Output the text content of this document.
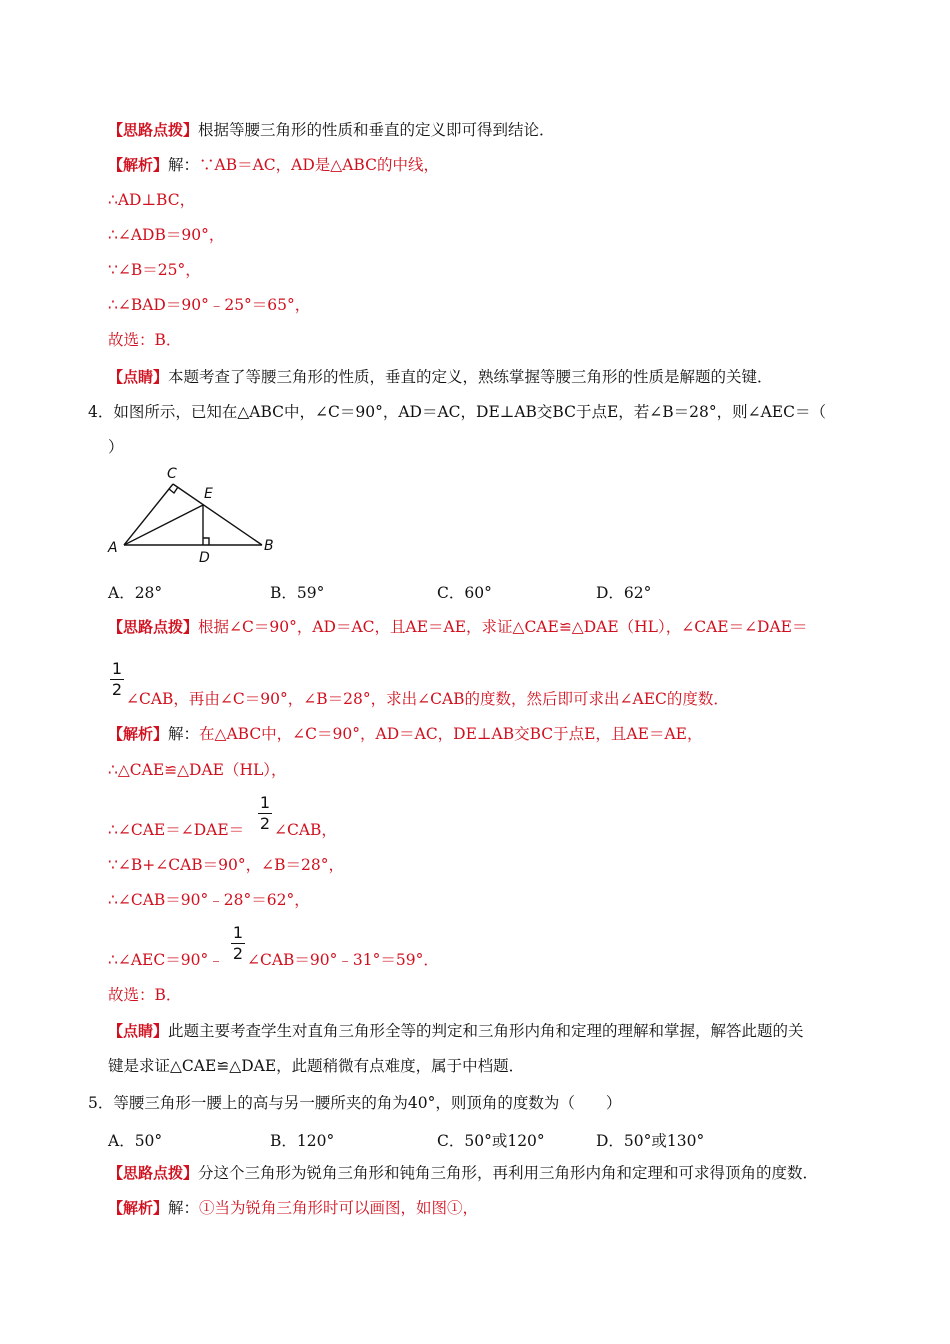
【思路点拨】根据等腰三角形的性质和垂直的定义即可得到结论．
【解析】解：∵AB＝AC，AD是△ABC的中线，
∴AD⊥BC，
∴∠ADB＝90°，
∵∠B＝25°，
∴∠BAD＝90°﹣25°＝65°，
故选：B．
【点睛】本题考查了等腰三角形的性质，垂直的定义，熟练掌握等腰三角形的性质是解题的关键．
4．如图所示，已知在△ABC中，∠C＝90°，AD＝AC，DE⊥AB交BC于点E，若∠B＝28°，则∠AEC＝（
）
C
E
A	B
D
A．28°	B．59°	C．60°	D．62°
【思路点拨】根据∠C＝90°，AD＝AC，且AE＝AE，求证△CAE≌△DAE（HL），∠CAE＝∠DAE＝
1
2 ∠CAB，再由∠C＝90°，∠B＝28°，求出∠CAB的度数，然后即可求出∠AEC的度数．
【解析】解：在△ABC中，∠C＝90°，AD＝AC，DE⊥AB交BC于点E，且AE＝AE，
∴△CAE≌△DAE（HL），
1
2
∴∠CAE＝∠DAE＝ ∠CAB，
∵∠B+∠CAB＝90°，∠B＝28°，
∴∠CAB＝90°﹣28°＝62°，
1
2
∴∠AEC＝90°﹣ ∠CAB＝90°﹣31°＝59°．
故选：B．
【点睛】此题主要考查学生对直角三角形全等的判定和三角形内角和定理的理解和掌握，解答此题的关
键是求证△CAE≌△DAE，此题稍微有点难度，属于中档题．
5．等腰三角形一腰上的高与另一腰所夹的角为40°，则顶角的度数为（　　）
A．50°	B．120°	C．50°或120°	D．50°或130°
【思路点拨】分这个三角形为锐角三角形和钝角三角形，再利用三角形内角和定理和可求得顶角的度数．
【解析】解：①当为锐角三角形时可以画图，如图①，
